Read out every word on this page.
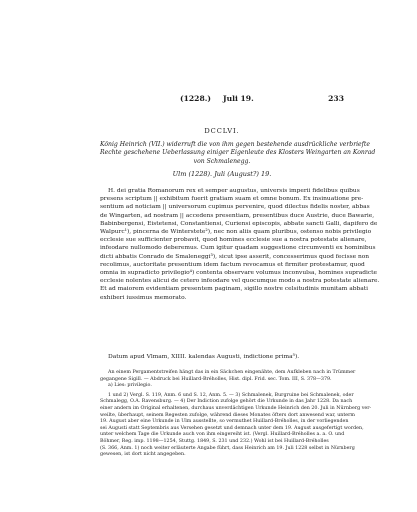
(1228.) Juli 19.	233
DCCLVI.
König Heinrich (VII.) widerruft die von ihm gegen bestehende ausdrückliche verbriefte
Rechte geschehene Ueberlassung einiger Eigenleute des Klosters Weingarten an Konrad
von Schmalenegg.
Ulm (1228). Juli (August?) 19.
H. dei gratia Romanorum rex et semper augustus, universis imperii fidelibus quibus
presens scriptum || exhibitum fuerit gratiam suam et omne bonum. Ex insinuatione pre-
sentium ad noticiam || universorum cupimus pervenire, quod dilectus fidelis noster, abbas
de Wingarten, ad nostram || accedens presentiam, presentibus duce Austrie, duce Bawarie,
Babinbergensi, Eistetensi, Constantiensi, Curiensi episcopis, abbate sancti Galli, dapifero de
Walpurc¹), pincerna de Winterstete²), nec non aliis quam pluribus, ostenso nobis privilegio
ecclesie sue sufficienter probavit, quod homines ecclesie sue a nostra potestate alienare,
infeodare nullomodo deberemus. Cum igitur quadam suggestione circumventi ex hominibus
dicti abbatis Conrado de Smaleneggi³), sicut ipse asserit, concesserimus quod fecisse non
recolimus, auctoritate presentium idem factum revocamus et firmiter protestamur, quod
omnia in supradicto privilegio⁴) contenta observare volumus inconvulsa, homines supradicte
ecclesie nolentes alicui de cetero infeodare vel quocumque modo a nostra potestate alienare.
Et ad maiorem evidentiam presentem paginam, sigillo nostre celsitudinis munitam abbati
exhiberi iussimus memorato.
Datum apud Vlmam, XIIII. kalendas Augusti, indictione prima⁵).
An einem Pergamentstreifen hängt das in ein Säckchen eingenähte, dem Aufkleben nach in Trümmer
gegangene Sigill. — Abdruck bei Huillard-Bréholles, Hist. dipl. Frid. sec. Tom. III, S. 378—379.
a) Lies: privilegio.
1 und 2) Vergl. S. 119, Anm. 6 und S. 12, Anm. 5. — 3) Schmalenek, Burgruine bei Schmalenek, oder
Schmalegg, O.A. Ravensburg. — 4) Der Indiction zufolge gehört die Urkunde in das Jahr 1228. Da nach
einer andern im Original erhaltenen, durchaus unverdächtigen Urkunde Heinrich den 20. Juli in Nürnberg ver-
weilte, überhaupt, seinem Regesten zufolge, während dieses Monates öfters dort anwesend war, unterm
19. August aber eine Urkunde in Ulm ausstellte, so vermuthet Huillard-Bréholles, in der vorliegenden
sei Augusti statt Septembris aus Versehen gesetzt und demnach unter dem 19. August ausgefertigt worden,
unter welchem Tage die Urkunde auch von ihm eingereiht ist. (Vergl. Huillard-Bréholles a. a. O. und
Böhmer, Reg. imp. 1198—1254, Stuttg. 1849, S. 231 und 232.) Wohl ist bei Huillard-Bréholles
(S. 366, Anm. 1) noch weiter erläuterte Angabe führt, dass Heinrich am 19. Juli 1228 selbst in Nürnberg
gewesen, ist dort nicht angegeben.
